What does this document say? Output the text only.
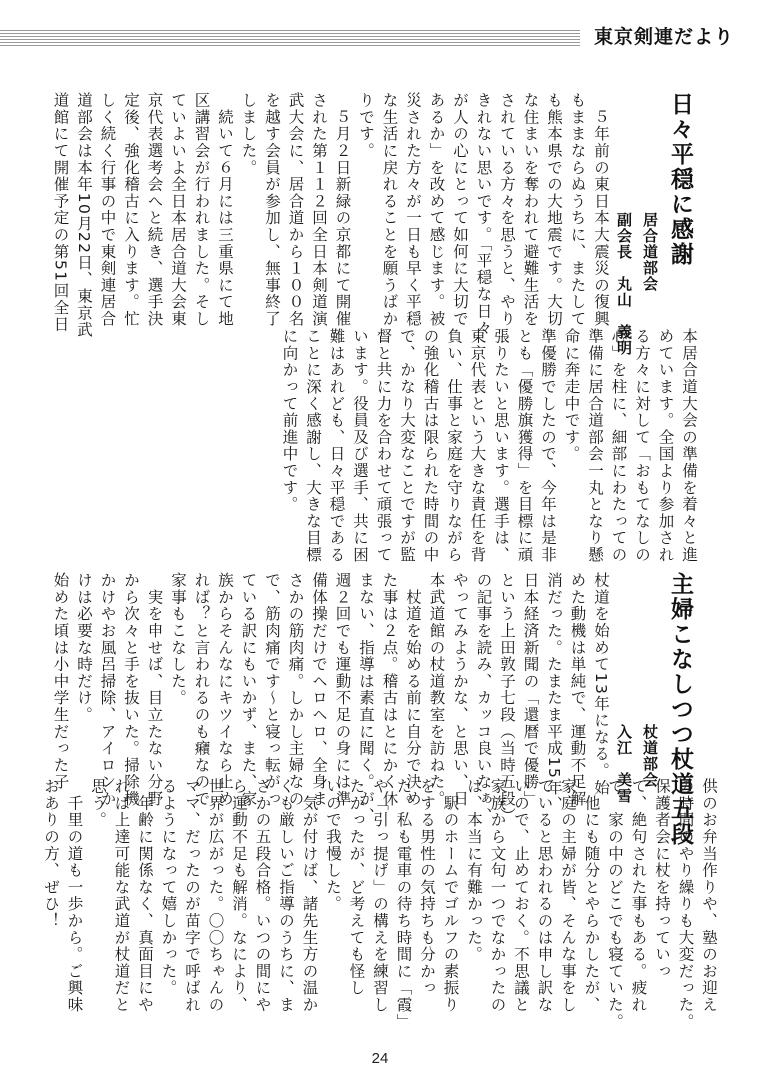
東京剣連だより
日々平穏に感謝
居合道部会
副会長　丸山　義明
　５年前の東日本大震災の復興
もままならぬうちに、またして
も熊本県での大地震です。大切
な住まいを奪われて避難生活を
されている方々を思うと、やり
きれない思いです。「平穏な日々
が人の心にとって如何に大切で
あるか」を改めて感じます。被
災された方々が一日も早く平穏
な生活に戻れることを願うばか
りです。
　５月２日新緑の京都にて開催
された第１１２回全日本剣道演
武大会に、居合道から１００名
を越す会員が参加し、無事終了
しました。
　続いて６月には三重県にて地
区講習会が行われました。そし
ていよいよ全日本居合道大会東
京代表選考会へと続き、選手決
定後、強化稽古に入ります。忙
しく続く行事の中で東剣連居合
道部会は本年10月22日、東京武
道館にて開催予定の第51回全日
本居合道大会の準備を着々と進
めています。全国より参加され
る方々に対して「おもてなしの
心」を柱に、細部にわたっての
準備に居合道部会一丸となり懸
命に奔走中です。
準優勝でしたので、今年は是非
とも「優勝旗獲得」を目標に頑
張りたいと思います。選手は、
東京代表という大きな責任を背
負い、仕事と家庭を守りながら
の強化稽古は限られた時間の中
で、かなり大変なことですが監
督と共に力を合わせて頑張って
います。役員及び選手、共に困
難はあれども、日々平穏である
ことに深く感謝し、大きな目標
に向かって前進中です。
主婦こなしつつ杖道五段
杖道部会
入江　美雪
杖道を始めて13年になる。始
めた動機は単純で、運動不足解
消だった。たまたま平成15年、
日本経済新聞の「還暦で優勝」
という上田敦子七段（当時五段）
の記事を読み、カッコ良いなぁ、
やってみようかな、と思い、日
本武道館の杖道教室を訪ねた。
　杖道を始める前に自分で決め
た事は２点。稽古はとにかく休
まない、指導は素直に聞く。が、
週２回でも運動不足の身には準
備体操だけでヘロヘロ、全身ま
さかの筋肉痛。しかし主婦なの
で、筋肉痛です〜と寝っ転がっ
ている訳にもいかず、また、家
族からそんなにキツイなら止め
れば？と言われるのも癪なので
家事もこなした。
　実を申せば、目立たない分野
から次々と手を抜いた。掃除機
かけやお風呂掃除、アイロンか
けは必要な時だけ。
始めた頃は小中学生だった子
供のお弁当作りや、塾のお迎え
の時間のやり繰りも大変だった。
保護者会に杖を持っていっ
て、絶句された事もある。疲れ
て、家の中のどこでも寝ていた。
　他にも随分とやらかしたが、
家庭の主婦が皆、そんな事をし
ていると思われるのは申し訳な
いので、止めておく。不思議と
家族から文句一つでなかったの
は、本当に有難かった。
　駅のホームでゴルフの素振り
をする男性の気持ちも分かっ
た。私も電車の待ち時間に「霞」
や「引っ提げ」の構えを練習し
たかったが、ど考えても怪し
いので我慢した。
　気が付けば、諸先生方の温か
くも厳しいご指導のうちに、ま
さかの五段合格。いつの間にや
ら運動不足も解消。なにより、
世界が広がった。〇〇ちゃんの
ママ、だったのが苗字で呼ばれ
るようになって嬉しかった。
　年齢に関係なく、真面目にや
れば上達可能な武道が杖道だと
思う。
　千里の道も一歩から。ご興味
おありの方、ぜひ！
24
